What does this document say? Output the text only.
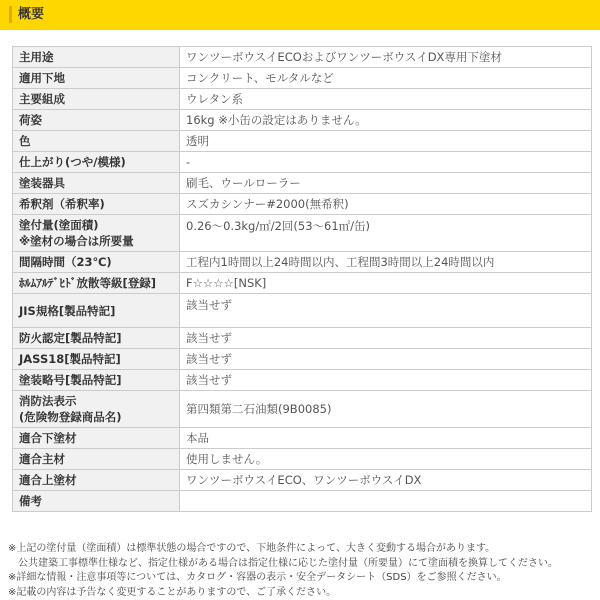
概要
主用途	ワンツーボウスイECOおよびワンツーボウスイDX専用下塗材
適用下地	コンクリート、モルタルなど
主要組成	ウレタン系
荷姿	16kg ※小缶の設定はありません。
色	透明
仕上がり(つや/模様)	-
塗装器具	刷毛、ウールローラー
希釈剤（希釈率)	スズカシンナー#2000(無希釈)

塗付量(塗面積)
※塗材の場合は所要量	0.26～0.3kg/㎡/2回(53～61㎡/缶)
間隔時間（23℃)	工程内1時間以上24時間以内、工程間3時間以上24時間以内
ﾎﾙﾑｱﾙﾃﾞﾋﾄﾞ放散等級[登録]	F☆☆☆☆[NSK]
JIS規格[製品特記]	該当せず
防火認定[製品特記]	該当せず
JASS18[製品特記]	該当せず
塗装略号[製品特記]	該当せず

消防法表示
(危険物登録商品名)	第四類第二石油類(9B0085)
適合下塗材	本品
適合主材	使用しません。
適合上塗材	ワンツーボウスイECO、ワンツーボウスイDX
備考	
※上記の塗付量（塗面積）は標準状態の場合ですので、下地条件によって、大きく変動する場合があります。
　公共建築工事標準仕様など、指定仕様がある場合は指定仕様に応じた塗付量（所要量）にて塗面積を換算してください。
※詳細な情報・注意事項等については、カタログ・容器の表示・安全データシート（SDS）をご参照ください。
※記載の内容は予告なく変更することがありますので、ご了承ください。
